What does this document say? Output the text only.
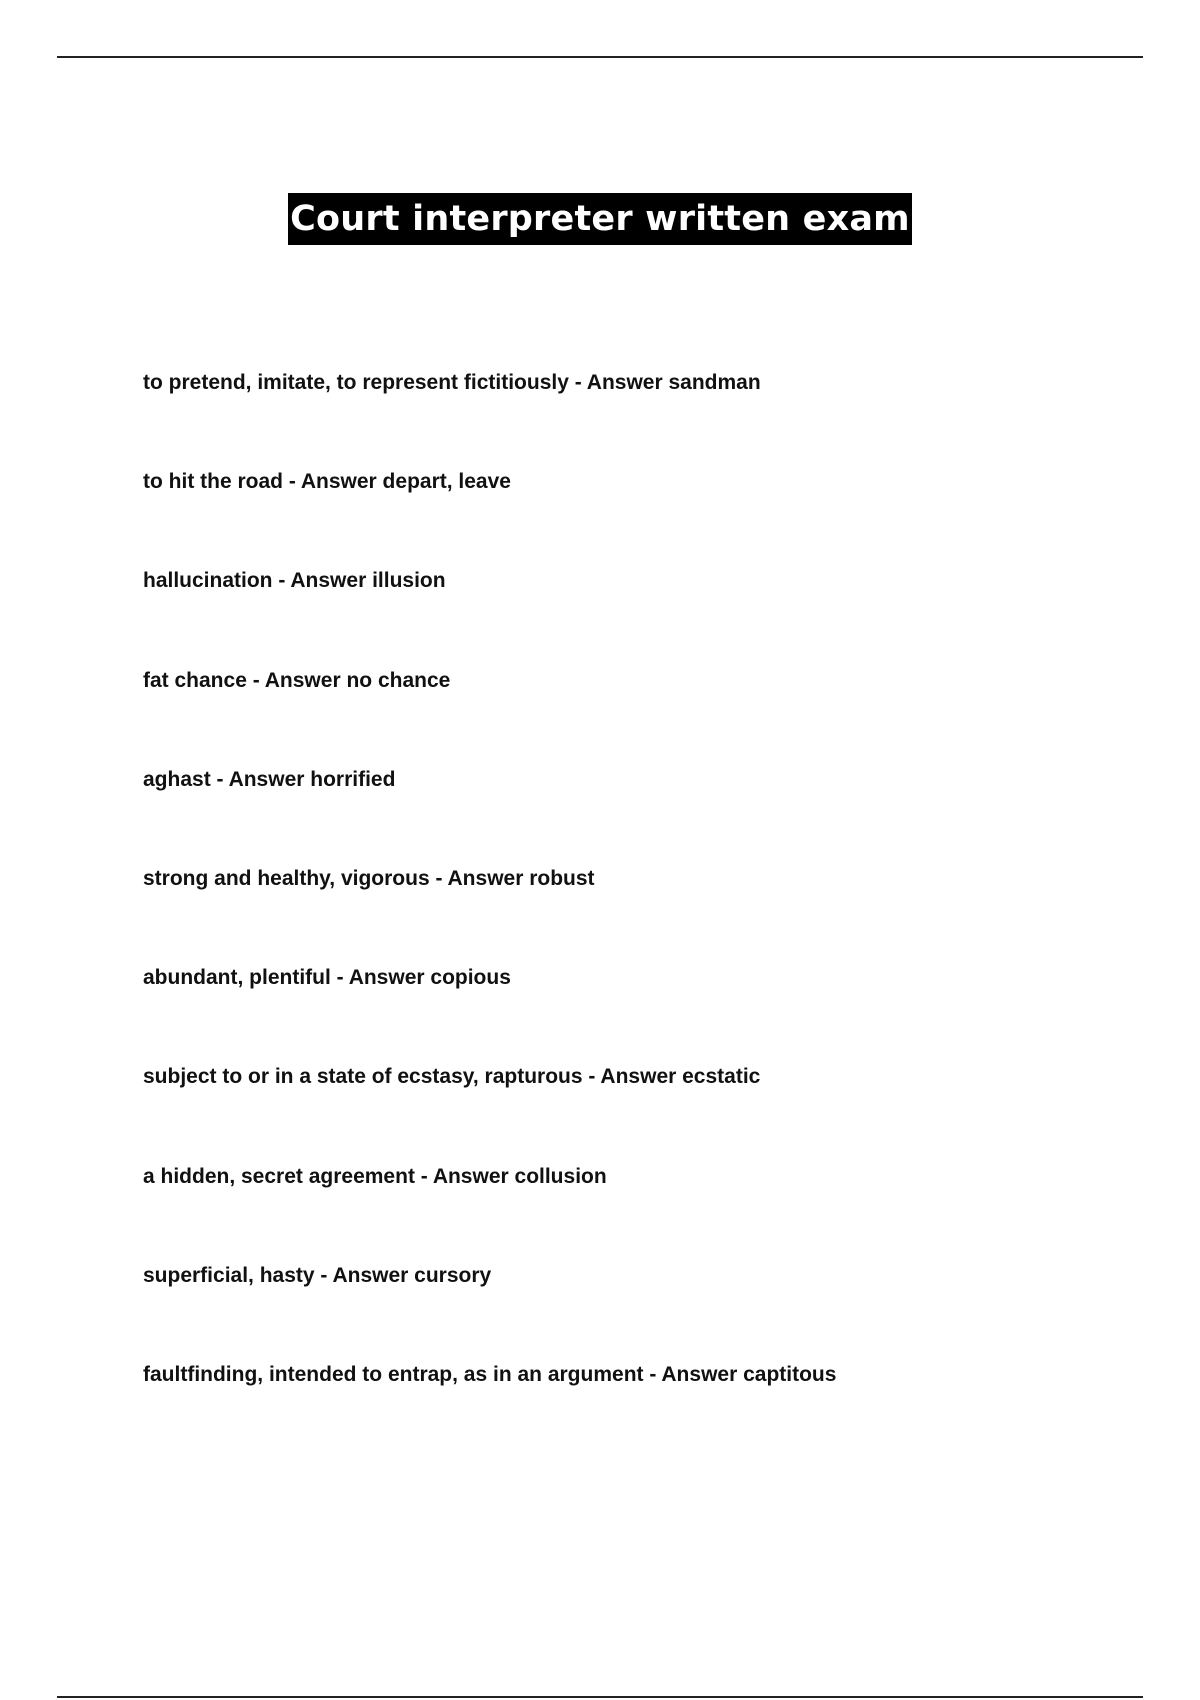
Court interpreter written exam
to pretend, imitate, to represent fictitiously - Answer sandman
to hit the road - Answer depart, leave
hallucination - Answer illusion
fat chance - Answer no chance
aghast - Answer horrified
strong and healthy, vigorous - Answer robust
abundant, plentiful - Answer copious
subject to or in a state of ecstasy, rapturous - Answer ecstatic
a hidden, secret agreement - Answer collusion
superficial, hasty - Answer cursory
faultfinding, intended to entrap, as in an argument - Answer captitous
